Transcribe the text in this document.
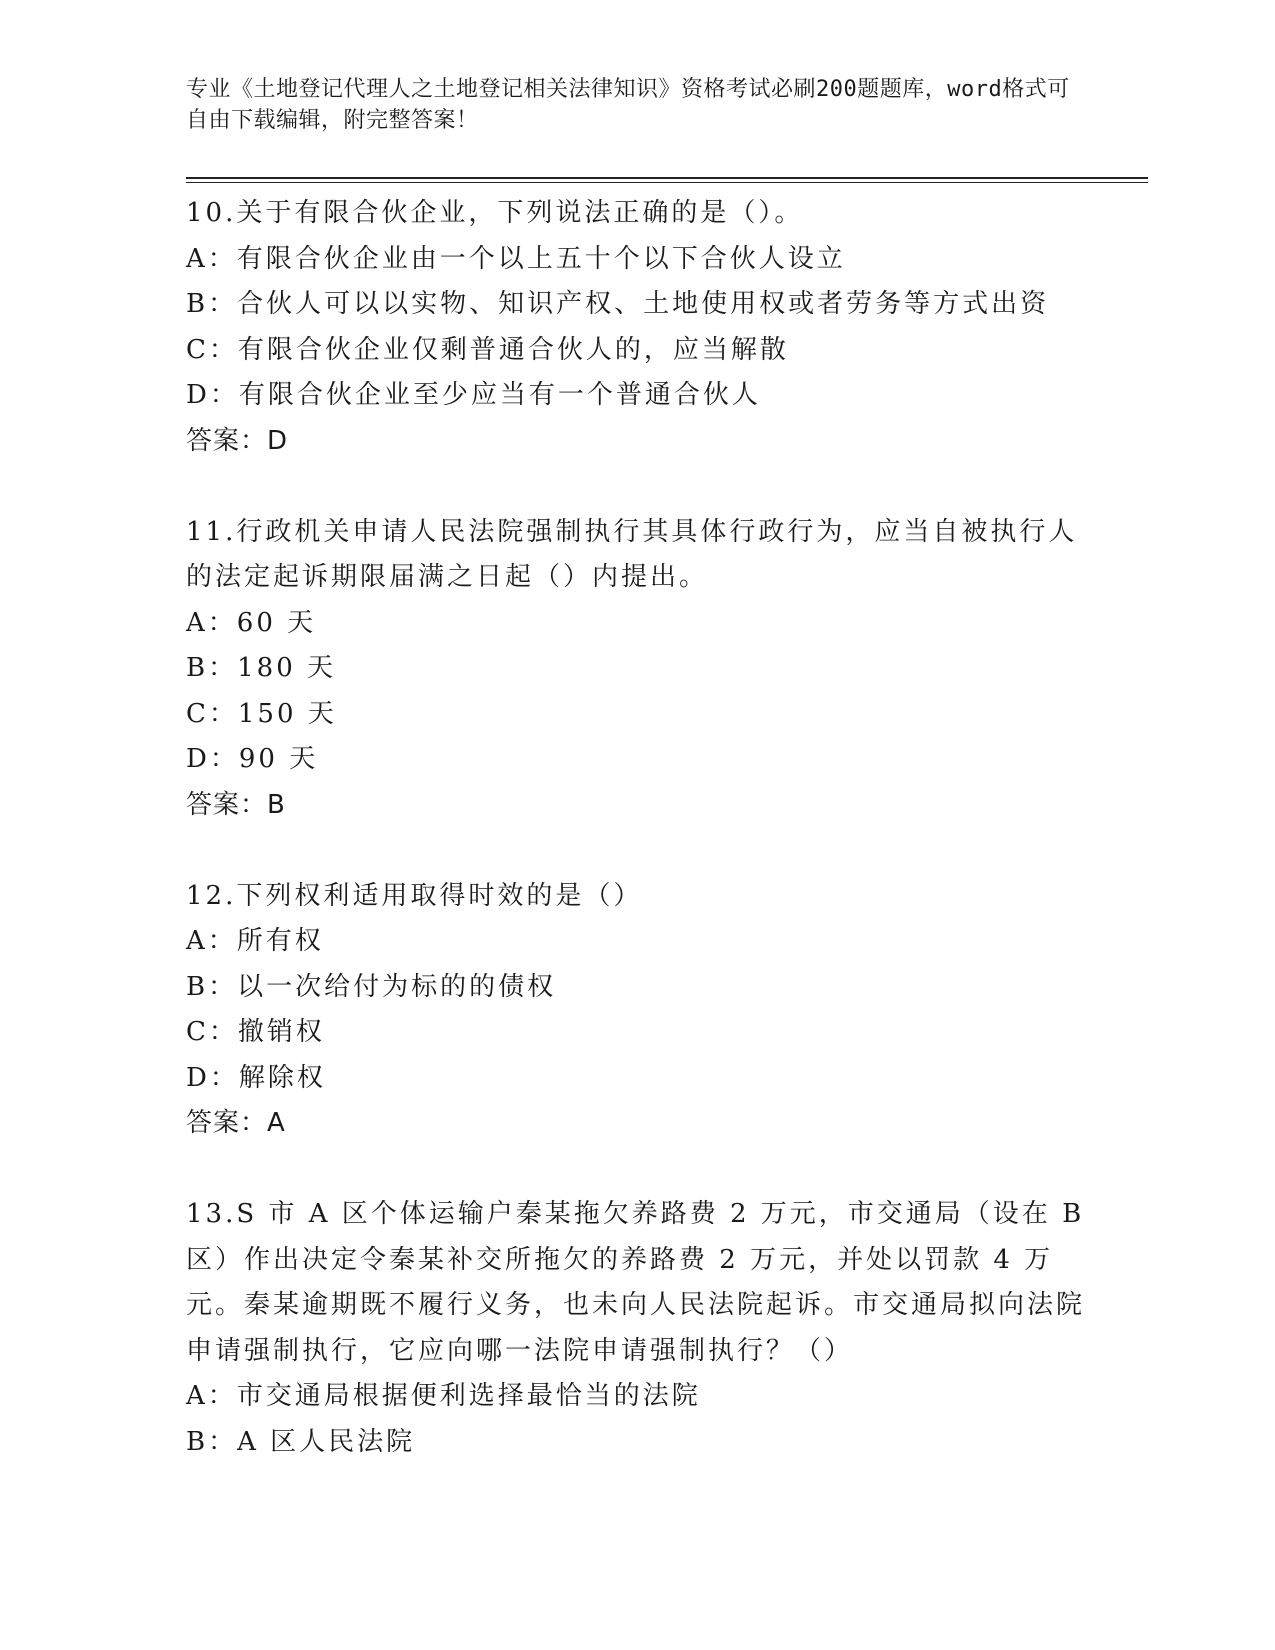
专业《土地登记代理人之土地登记相关法律知识》资格考试必刷200题题库，word格式可自由下载编辑，附完整答案！

10.关于有限合伙企业，下列说法正确的是（）。

A：有限合伙企业由一个以上五十个以下合伙人设立

B：合伙人可以以实物、知识产权、土地使用权或者劳务等方式出资

C：有限合伙企业仅剩普通合伙人的，应当解散

D：有限合伙企业至少应当有一个普通合伙人

答案：D

11.行政机关申请人民法院强制执行其具体行政行为，应当自被执行人的法定起诉期限届满之日起（）内提出。

A：60 天

B：180 天

C：150 天

D：90 天

答案：B

12.下列权利适用取得时效的是（）

A：所有权

B：以一次给付为标的的债权

C：撤销权

D：解除权

答案：A

13.S 市 A 区个体运输户秦某拖欠养路费 2 万元，市交通局（设在 B 区）作出决定令秦某补交所拖欠的养路费 2 万元，并处以罚款 4 万元。秦某逾期既不履行义务，也未向人民法院起诉。市交通局拟向法院申请强制执行，它应向哪一法院申请强制执行？（）

A：市交通局根据便利选择最恰当的法院

B：A 区人民法院
